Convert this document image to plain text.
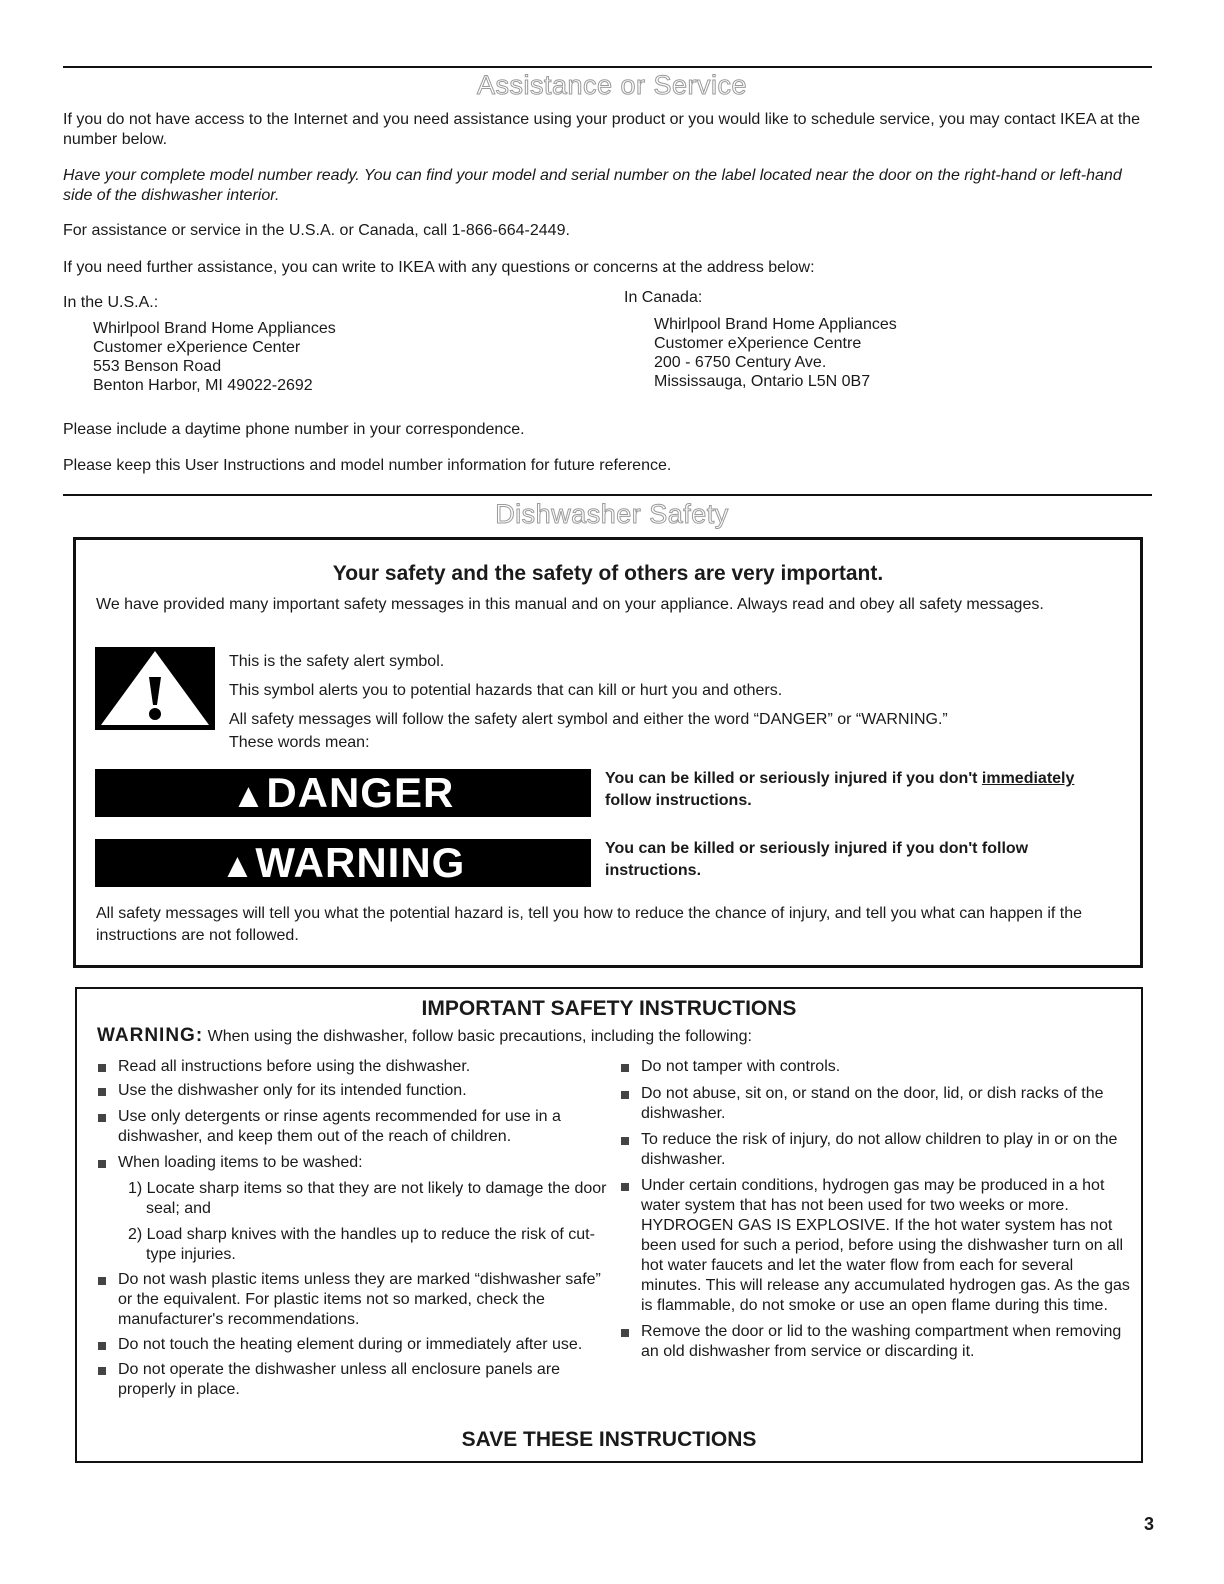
Assistance or Service
If you do not have access to the Internet and you need assistance using your product or you would like to schedule service, you may contact IKEA at the number below.
Have your complete model number ready. You can find your model and serial number on the label located near the door on the right-hand or left-hand side of the dishwasher interior.
For assistance or service in the U.S.A. or Canada, call 1-866-664-2449.
If you need further assistance, you can write to IKEA with any questions or concerns at the address below:
In the U.S.A.:
Whirlpool Brand Home Appliances
Customer eXperience Center
553 Benson Road
Benton Harbor, MI 49022-2692
In Canada:
Whirlpool Brand Home Appliances
Customer eXperience Centre
200 - 6750 Century Ave.
Mississauga, Ontario L5N 0B7
Please include a daytime phone number in your correspondence.
Please keep this User Instructions and model number information for future reference.
Dishwasher Safety
Your safety and the safety of others are very important.
We have provided many important safety messages in this manual and on your appliance. Always read and obey all safety messages.
This is the safety alert symbol.
This symbol alerts you to potential hazards that can kill or hurt you and others.
All safety messages will follow the safety alert symbol and either the word “DANGER” or “WARNING.”
These words mean:
▲DANGER	You can be killed or seriously injured if you don't immediately
follow instructions.
▲WARNING	You can be killed or seriously injured if you don't follow instructions.
All safety messages will tell you what the potential hazard is, tell you how to reduce the chance of injury, and tell you what can happen if the instructions are not followed.
IMPORTANT SAFETY INSTRUCTIONS
WARNING: When using the dishwasher, follow basic precautions, including the following:
Read all instructions before using the dishwasher.
Use the dishwasher only for its intended function.
Use only detergents or rinse agents recommended for use in a dishwasher, and keep them out of the reach of children.
When loading items to be washed:
1) Locate sharp items so that they are not likely to damage the door seal; and
2) Load sharp knives with the handles up to reduce the risk of cut-type injuries.
Do not wash plastic items unless they are marked “dishwasher safe” or the equivalent. For plastic items not so marked, check the manufacturer's recommendations.
Do not touch the heating element during or immediately after use.
Do not operate the dishwasher unless all enclosure panels are properly in place.
Do not tamper with controls.
Do not abuse, sit on, or stand on the door, lid, or dish racks of the dishwasher.
To reduce the risk of injury, do not allow children to play in or on the dishwasher.
Under certain conditions, hydrogen gas may be produced in a hot water system that has not been used for two weeks or more. HYDROGEN GAS IS EXPLOSIVE. If the hot water system has not been used for such a period, before using the dishwasher turn on all hot water faucets and let the water flow from each for several minutes. This will release any accumulated hydrogen gas. As the gas is flammable, do not smoke or use an open flame during this time.
Remove the door or lid to the washing compartment when removing an old dishwasher from service or discarding it.
SAVE THESE INSTRUCTIONS
3
